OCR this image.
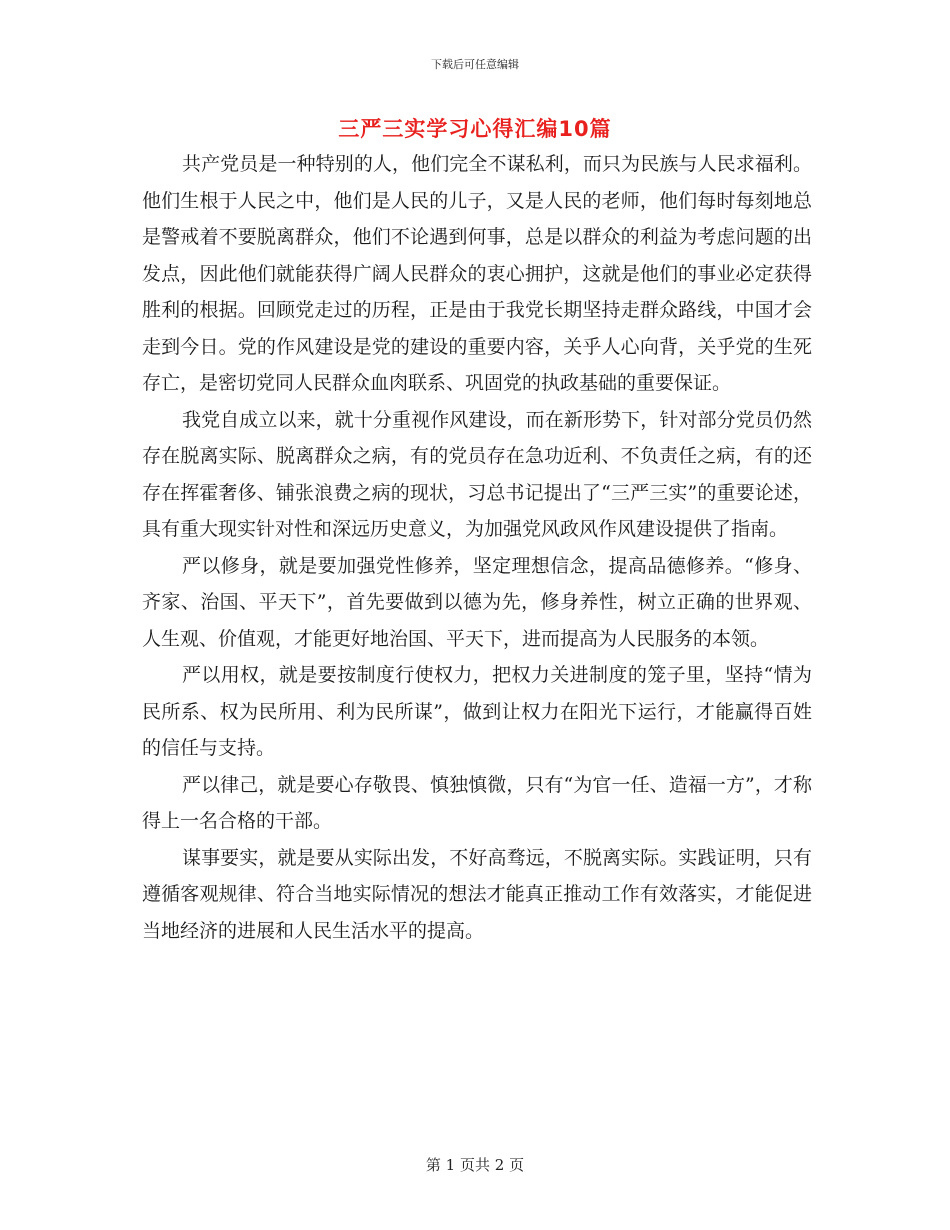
下载后可任意编辑
三严三实学习心得汇编10篇

共产党员是一种特别的人，他们完全不谋私利，而只为民族与人民求福利。他们生根于人民之中，他们是人民的儿子，又是人民的老师，他们每时每刻地总是警戒着不要脱离群众，他们不论遇到何事，总是以群众的利益为考虑问题的出发点，因此他们就能获得广阔人民群众的衷心拥护，这就是他们的事业必定获得胜利的根据。回顾党走过的历程，正是由于我党长期坚持走群众路线，中国才会走到今日。党的作风建设是党的建设的重要内容，关乎人心向背，关乎党的生死存亡，是密切党同人民群众血肉联系、巩固党的执政基础的重要保证。

我党自成立以来，就十分重视作风建设，而在新形势下，针对部分党员仍然存在脱离实际、脱离群众之病，有的党员存在急功近利、不负责任之病，有的还存在挥霍奢侈、铺张浪费之病的现状，习总书记提出了“三严三实”的重要论述，具有重大现实针对性和深远历史意义，为加强党风政风作风建设提供了指南。

严以修身，就是要加强党性修养，坚定理想信念，提高品德修养。“修身、齐家、治国、平天下”，首先要做到以德为先，修身养性，树立正确的世界观、人生观、价值观，才能更好地治国、平天下，进而提高为人民服务的本领。

严以用权，就是要按制度行使权力，把权力关进制度的笼子里，坚持“情为民所系、权为民所用、利为民所谋”，做到让权力在阳光下运行，才能赢得百姓的信任与支持。

严以律己，就是要心存敬畏、慎独慎微，只有“为官一任、造福一方”，才称得上一名合格的干部。

谋事要实，就是要从实际出发，不好高骛远，不脱离实际。实践证明，只有遵循客观规律、符合当地实际情况的想法才能真正推动工作有效落实，才能促进当地经济的进展和人民生活水平的提高。

第 1 页共 2 页
